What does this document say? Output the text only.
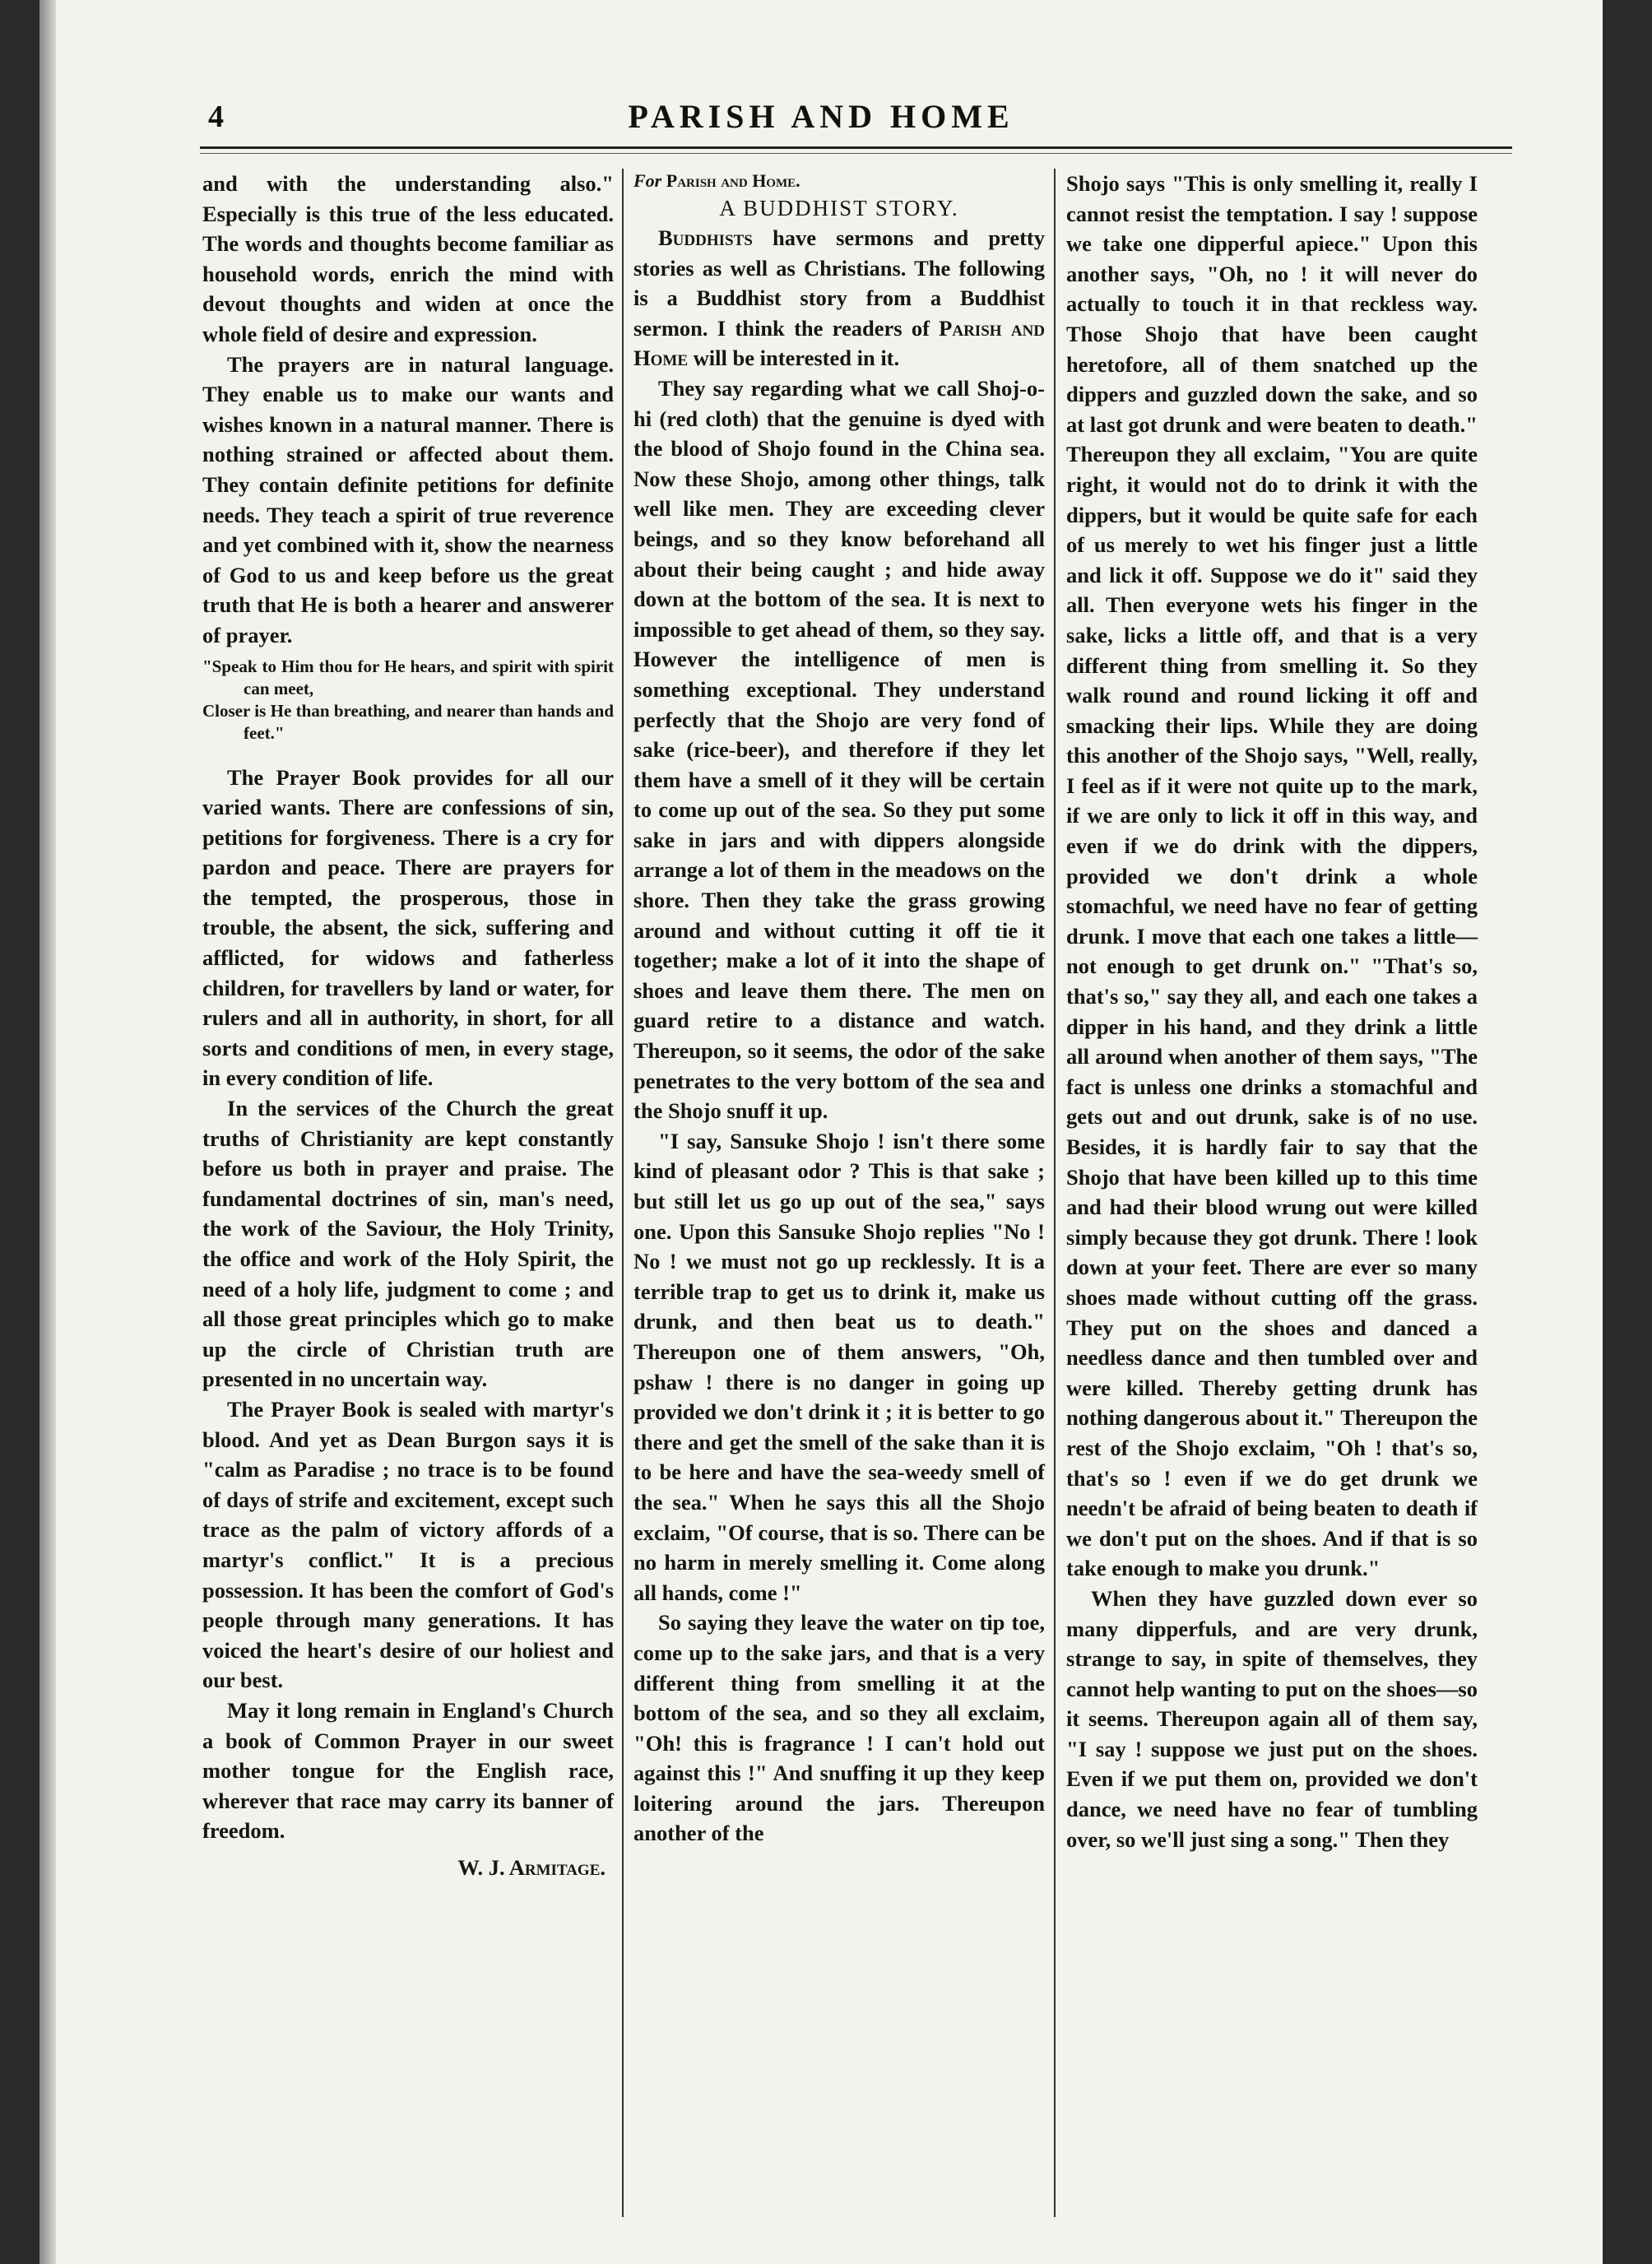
4	PARISH AND HOME

and with the understanding also." Especially is this true of the less educated. The words and thoughts become familiar as household words, enrich the mind with devout thoughts and widen at once the whole field of desire and expression.

The prayers are in natural language. They enable us to make our wants and wishes known in a natural manner. There is nothing strained or affected about them. They contain definite petitions for definite needs. They teach a spirit of true reverence and yet combined with it, show the nearness of God to us and keep before us the great truth that He is both a hearer and answerer of prayer.

"Speak to Him thou for He hears, and spirit with spirit can meet,
Closer is He than breathing, and nearer than hands and feet."

The Prayer Book provides for all our varied wants. There are confessions of sin, petitions for forgiveness. There is a cry for pardon and peace. There are prayers for the tempted, the prosperous, those in trouble, the absent, the sick, suffering and afflicted, for widows and fatherless children, for travellers by land or water, for rulers and all in authority, in short, for all sorts and conditions of men, in every stage, in every condition of life.

In the services of the Church the great truths of Christianity are kept constantly before us both in prayer and praise. The fundamental doctrines of sin, man's need, the work of the Saviour, the Holy Trinity, the office and work of the Holy Spirit, the need of a holy life, judgment to come ; and all those great principles which go to make up the circle of Christian truth are presented in no uncertain way.

The Prayer Book is sealed with martyr's blood. And yet as Dean Burgon says it is "calm as Paradise ; no trace is to be found of days of strife and excitement, except such trace as the palm of victory affords of a martyr's conflict." It is a precious possession. It has been the comfort of God's people through many generations. It has voiced the heart's desire of our holiest and our best.

May it long remain in England's Church a book of Common Prayer in our sweet mother tongue for the English race, wherever that race may carry its banner of freedom.

W. J. Armitage.

For Parish and Home.
A BUDDHIST STORY.

Buddhists have sermons and pretty stories as well as Christians. The following is a Buddhist story from a Buddhist sermon. I think the readers of Parish and Home will be interested in it.

They say regarding what we call Shoj-o-hi (red cloth) that the genuine is dyed with the blood of Shojo found in the China sea. Now these Shojo, among other things, talk well like men. They are exceeding clever beings, and so they know beforehand all about their being caught ; and hide away down at the bottom of the sea. It is next to impossible to get ahead of them, so they say. However the intelligence of men is something exceptional. They understand perfectly that the Shojo are very fond of sake (rice-beer), and therefore if they let them have a smell of it they will be certain to come up out of the sea. So they put some sake in jars and with dippers alongside arrange a lot of them in the meadows on the shore. Then they take the grass growing around and without cutting it off tie it together; make a lot of it into the shape of shoes and leave them there. The men on guard retire to a distance and watch. Thereupon, so it seems, the odor of the sake penetrates to the very bottom of the sea and the Shojo snuff it up.

"I say, Sansuke Shojo ! isn't there some kind of pleasant odor ? This is that sake ; but still let us go up out of the sea," says one. Upon this Sansuke Shojo replies "No ! No ! we must not go up recklessly. It is a terrible trap to get us to drink it, make us drunk, and then beat us to death." Thereupon one of them answers, "Oh, pshaw ! there is no danger in going up provided we don't drink it ; it is better to go there and get the smell of the sake than it is to be here and have the sea-weedy smell of the sea." When he says this all the Shojo exclaim, "Of course, that is so. There can be no harm in merely smelling it. Come along all hands, come !"

So saying they leave the water on tip toe, come up to the sake jars, and that is a very different thing from smelling it at the bottom of the sea, and so they all exclaim, "Oh! this is fragrance ! I can't hold out against this !" And snuffing it up they keep loitering around the jars. Thereupon another of the

Shojo says "This is only smelling it, really I cannot resist the temptation. I say ! suppose we take one dipperful apiece." Upon this another says, "Oh, no ! it will never do actually to touch it in that reckless way. Those Shojo that have been caught heretofore, all of them snatched up the dippers and guzzled down the sake, and so at last got drunk and were beaten to death." Thereupon they all exclaim, "You are quite right, it would not do to drink it with the dippers, but it would be quite safe for each of us merely to wet his finger just a little and lick it off. Suppose we do it" said they all. Then everyone wets his finger in the sake, licks a little off, and that is a very different thing from smelling it. So they walk round and round licking it off and smacking their lips. While they are doing this another of the Shojo says, "Well, really, I feel as if it were not quite up to the mark, if we are only to lick it off in this way, and even if we do drink with the dippers, provided we don't drink a whole stomachful, we need have no fear of getting drunk. I move that each one takes a little—not enough to get drunk on." "That's so, that's so," say they all, and each one takes a dipper in his hand, and they drink a little all around when another of them says, "The fact is unless one drinks a stomachful and gets out and out drunk, sake is of no use. Besides, it is hardly fair to say that the Shojo that have been killed up to this time and had their blood wrung out were killed simply because they got drunk. There ! look down at your feet. There are ever so many shoes made without cutting off the grass. They put on the shoes and danced a needless dance and then tumbled over and were killed. Thereby getting drunk has nothing dangerous about it." Thereupon the rest of the Shojo exclaim, "Oh ! that's so, that's so ! even if we do get drunk we needn't be afraid of being beaten to death if we don't put on the shoes. And if that is so take enough to make you drunk."

When they have guzzled down ever so many dipperfuls, and are very drunk, strange to say, in spite of themselves, they cannot help wanting to put on the shoes—so it seems. Thereupon again all of them say, "I say ! suppose we just put on the shoes. Even if we put them on, provided we don't dance, we need have no fear of tumbling over, so we'll just sing a song." Then they
